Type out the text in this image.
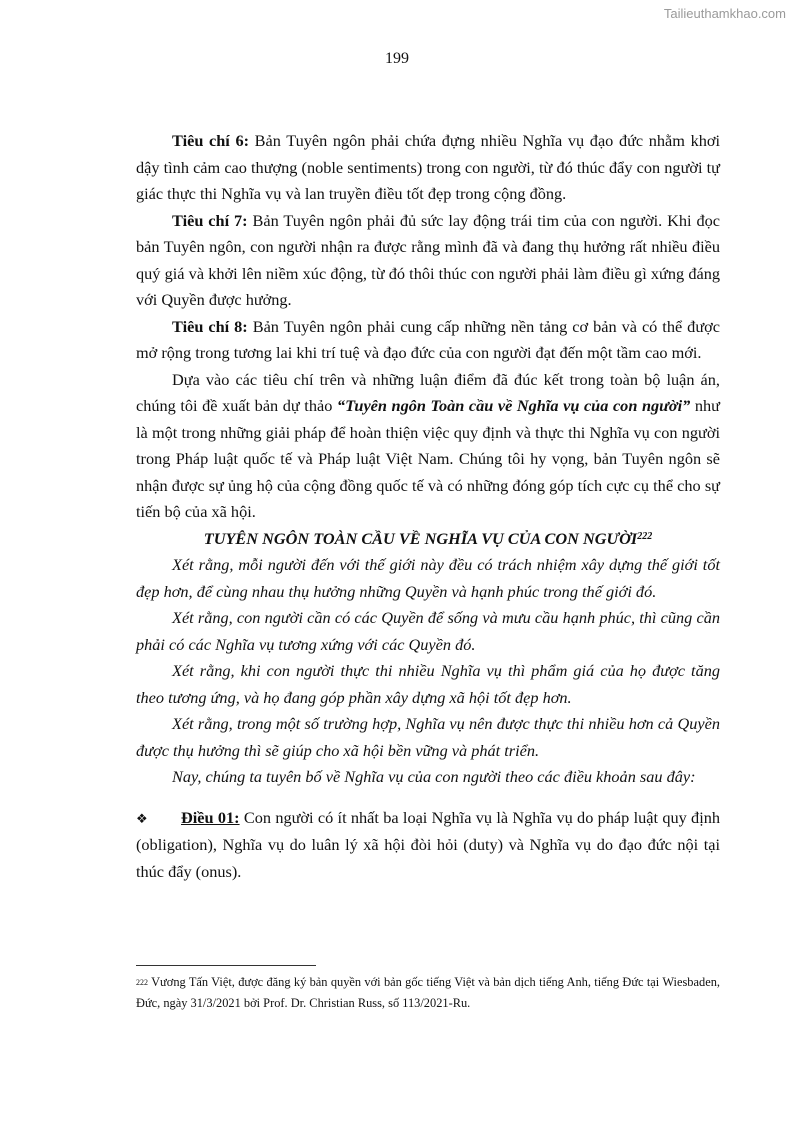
Tailieuthamkhao.com
199

Tiêu chí 6: Bản Tuyên ngôn phải chứa đựng nhiều Nghĩa vụ đạo đức nhằm khơi dậy tình cảm cao thượng (noble sentiments) trong con người, từ đó thúc đẩy con người tự giác thực thi Nghĩa vụ và lan truyền điều tốt đẹp trong cộng đồng.

Tiêu chí 7: Bản Tuyên ngôn phải đủ sức lay động trái tim của con người. Khi đọc bản Tuyên ngôn, con người nhận ra được rằng mình đã và đang thụ hưởng rất nhiều điều quý giá và khởi lên niềm xúc động, từ đó thôi thúc con người phải làm điều gì xứng đáng với Quyền được hưởng.

Tiêu chí 8: Bản Tuyên ngôn phải cung cấp những nền tảng cơ bản và có thể được mở rộng trong tương lai khi trí tuệ và đạo đức của con người đạt đến một tầm cao mới.

Dựa vào các tiêu chí trên và những luận điểm đã đúc kết trong toàn bộ luận án, chúng tôi đề xuất bản dự thảo “Tuyên ngôn Toàn cầu về Nghĩa vụ của con người” như là một trong những giải pháp để hoàn thiện việc quy định và thực thi Nghĩa vụ con người trong Pháp luật quốc tế và Pháp luật Việt Nam. Chúng tôi hy vọng, bản Tuyên ngôn sẽ nhận được sự ủng hộ của cộng đồng quốc tế và có những đóng góp tích cực cụ thể cho sự tiến bộ của xã hội.

TUYÊN NGÔN TOÀN CẦU VỀ NGHĨA VỤ CỦA CON NGƯỜI$^{222}$

Xét rằng, mỗi người đến với thế giới này đều có trách nhiệm xây dựng thế giới tốt đẹp hơn, để cùng nhau thụ hưởng những Quyền và hạnh phúc trong thế giới đó.

Xét rằng, con người cần có các Quyền để sống và mưu cầu hạnh phúc, thì cũng cần phải có các Nghĩa vụ tương xứng với các Quyền đó.

Xét rằng, khi con người thực thi nhiều Nghĩa vụ thì phẩm giá của họ được tăng theo tương ứng, và họ đang góp phần xây dựng xã hội tốt đẹp hơn.

Xét rằng, trong một số trường hợp, Nghĩa vụ nên được thực thi nhiều hơn cả Quyền được thụ hưởng thì sẽ giúp cho xã hội bền vững và phát triển.

Nay, chúng ta tuyên bố về Nghĩa vụ của con người theo các điều khoản sau đây:

❖ Điều 01: Con người có ít nhất ba loại Nghĩa vụ là Nghĩa vụ do pháp luật quy định (obligation), Nghĩa vụ do luân lý xã hội đòi hỏi (duty) và Nghĩa vụ do đạo đức nội tại thúc đẩy (onus).

$^{222}$ Vương Tấn Việt, được đăng ký bản quyền với bản gốc tiếng Việt và bản dịch tiếng Anh, tiếng Đức tại Wiesbaden, Đức, ngày 31/3/2021 bởi Prof. Dr. Christian Russ, số 113/2021-Ru.
